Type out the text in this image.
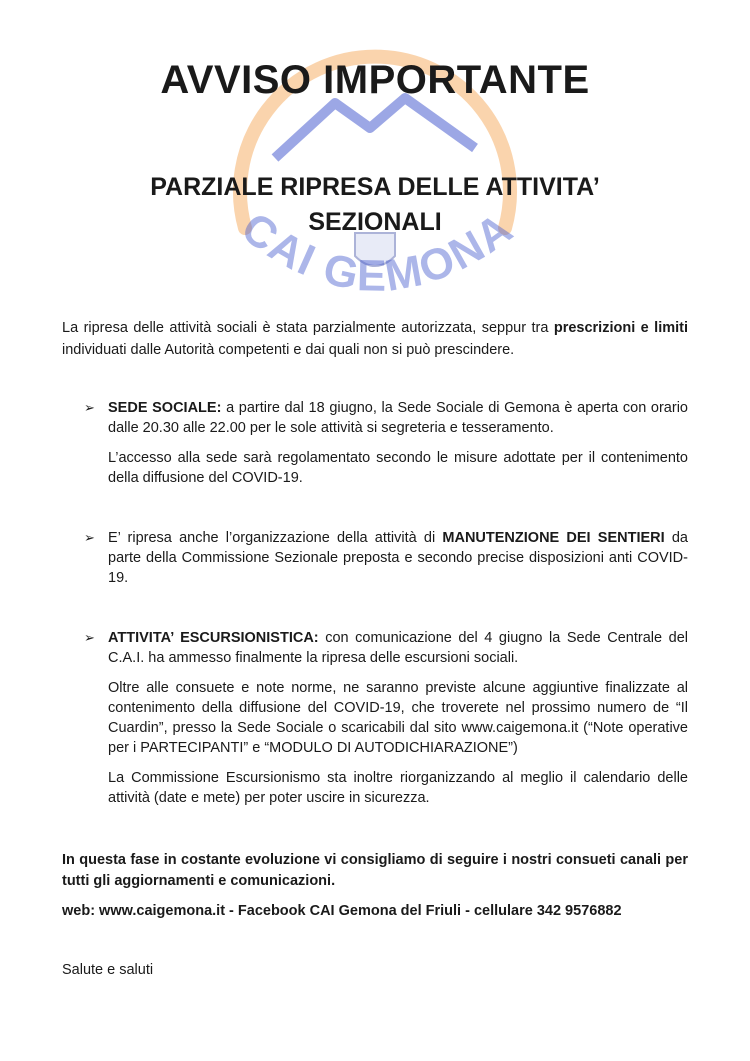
CAI GEMONA
AVVISO IMPORTANTE
PARZIALE RIPRESA DELLE ATTIVITA’
SEZIONALI
La ripresa delle attività sociali è stata parzialmente autorizzata, seppur tra prescrizioni e limiti individuati dalle Autorità competenti e dai quali non si può prescindere.
➢ SEDE SOCIALE: a partire dal 18 giugno, la Sede Sociale di Gemona è aperta con orario dalle 20.30 alle 22.00 per le sole attività si segreteria e tesseramento.

L’accesso alla sede sarà regolamentato secondo le misure adottate per il contenimento della diffusione del COVID-19.

➢ E’ ripresa anche l’organizzazione della attività di MANUTENZIONE DEI SENTIERI da parte della Commissione Sezionale preposta e secondo precise disposizioni anti COVID-19.

➢ ATTIVITA’ ESCURSIONISTICA: con comunicazione del 4 giugno la Sede Centrale del C.A.I. ha ammesso finalmente la ripresa delle escursioni sociali.

Oltre alle consuete e note norme, ne saranno previste alcune aggiuntive finalizzate al contenimento della diffusione del COVID-19, che troverete nel prossimo numero de “Il Cuardin”, presso la Sede Sociale o scaricabili dal sito www.caigemona.it (“Note operative per i PARTECIPANTI” e “MODULO DI AUTODICHIARAZIONE”)

La Commissione Escursionismo sta inoltre riorganizzando al meglio il calendario delle attività (date e mete) per poter uscire in sicurezza.

In questa fase in costante evoluzione vi consigliamo di seguire i nostri consueti canali per tutti gli aggiornamenti e comunicazioni.
web: www.caigemona.it - Facebook CAI Gemona del Friuli - cellulare 342 9576882
Salute e saluti
